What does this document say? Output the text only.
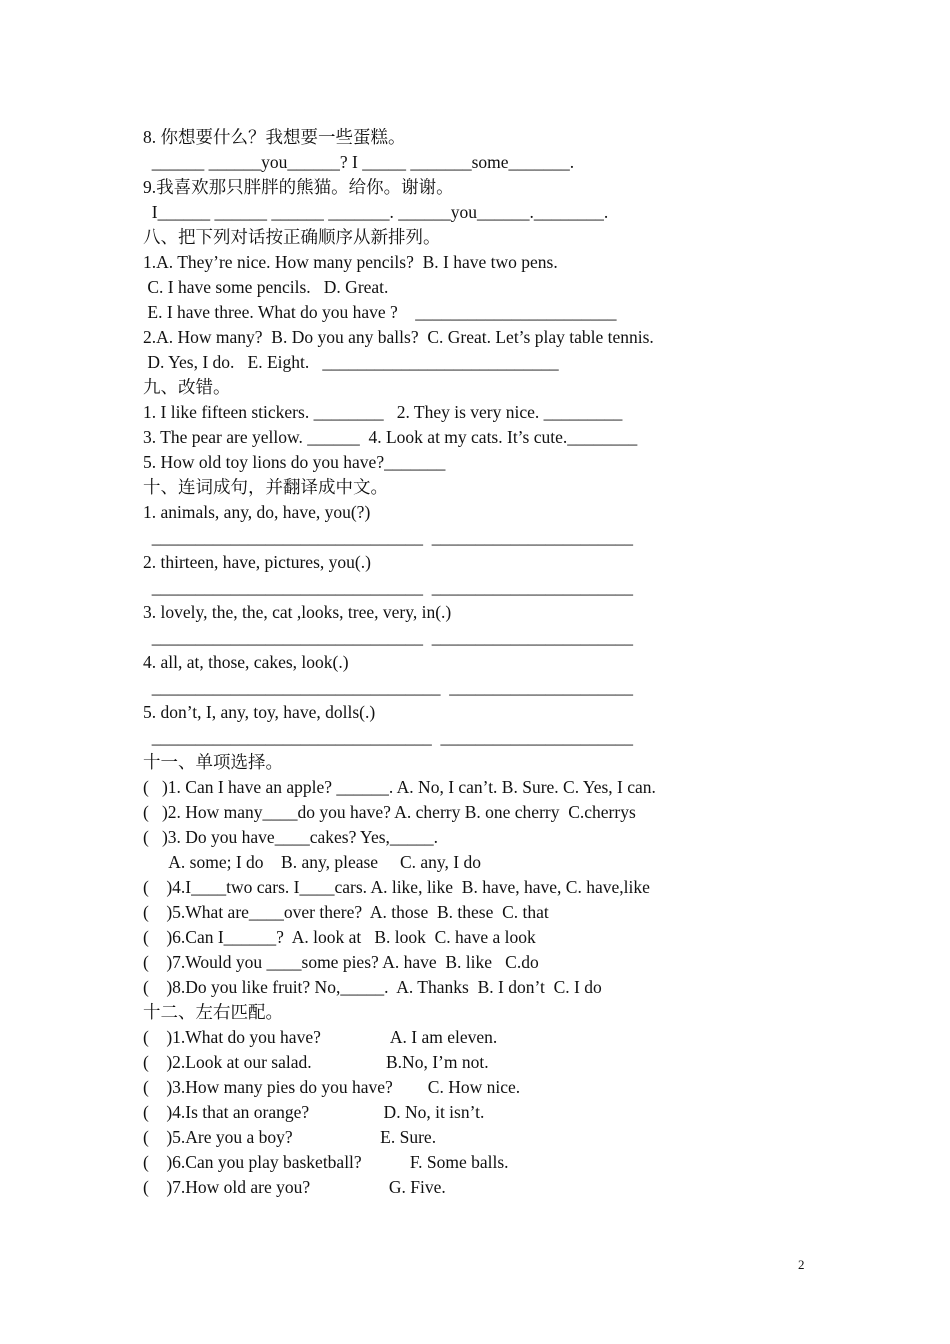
8. 你想要什么？我想要一些蛋糕。

______ ______you______? I _____ _______some_______.

9.我喜欢那只胖胖的熊猫。给你。谢谢。

I______ ______ ______ _______. ______you______.________.

八、把下列对话按正确顺序从新排列。

1.A. They’re nice. How many pencils?  B. I have two pens.

C. I have some pencils.   D. Great.

E. I have three. What do you have ?    _______________________

2.A. How many?  B. Do you any balls?  C. Great. Let’s play table tennis.

D. Yes, I do.   E. Eight.   ___________________________

九、改错。

1. I like fifteen stickers. ________   2. They is very nice. _________

3. The pear are yellow. ______  4. Look at my cats. It’s cute.________

5. How old toy lions do you have?_______

十、连词成句，并翻译成中文。

1. animals, any, do, have, you(?)

_______________________________  _______________________

2. thirteen, have, pictures, you(.)

_______________________________  _______________________

3. lovely, the, the, cat ,looks, tree, very, in(.)

_______________________________  _______________________

4. all, at, those, cakes, look(.)

_________________________________  _____________________

5. don’t, I, any, toy, have, dolls(.)

________________________________  ______________________

十一、单项选择。

(   )1. Can I have an apple? ______. A. No, I can’t. B. Sure. C. Yes, I can.

(   )2. How many____do you have? A. cherry B. one cherry  C.cherrys

(   )3. Do you have____cakes? Yes,_____.

A. some; I do    B. any, please     C. any, I do

(    )4.I____two cars. I____cars. A. like, like  B. have, have, C. have,like

(    )5.What are____over there?  A. those  B. these  C. that

(    )6.Can I______?  A. look at   B. look  C. have a look

(    )7.Would you ____some pies? A. have  B. like   C.do

(    )8.Do you like fruit? No,_____.  A. Thanks  B. I don’t  C. I do

十二、左右匹配。

(    )1.What do you have?                A. I am eleven.

(    )2.Look at our salad.                 B.No, I’m not.

(    )3.How many pies do you have?        C. How nice.

(    )4.Is that an orange?                 D. No, it isn’t.

(    )5.Are you a boy?                    E. Sure.

(    )6.Can you play basketball?           F. Some balls.

(    )7.How old are you?                  G. Five.

2
